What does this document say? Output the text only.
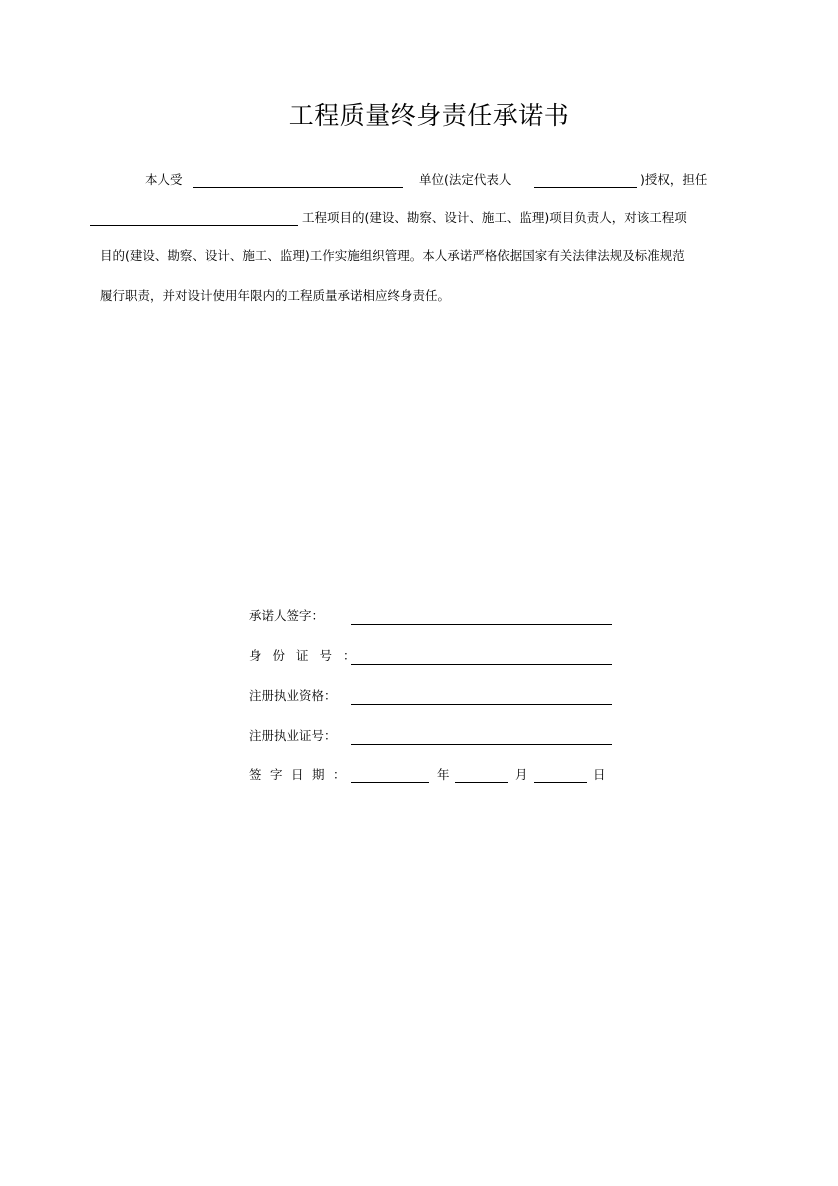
工程质量终身责任承诺书
本人受	单位(法定代表人	)授权，担任
工程项目的(建设、勘察、设计、施工、监理)项目负责人，对该工程项
目的(建设、勘察、设计、施工、监理)工作实施组织管理。本人承诺严格依据国家有关法律法规及标准规范
履行职责，并对设计使用年限内的工程质量承诺相应终身责任。
承诺人签字：
身份证号：
注册执业资格：
注册执业证号：
签字日期：	年	月	日
